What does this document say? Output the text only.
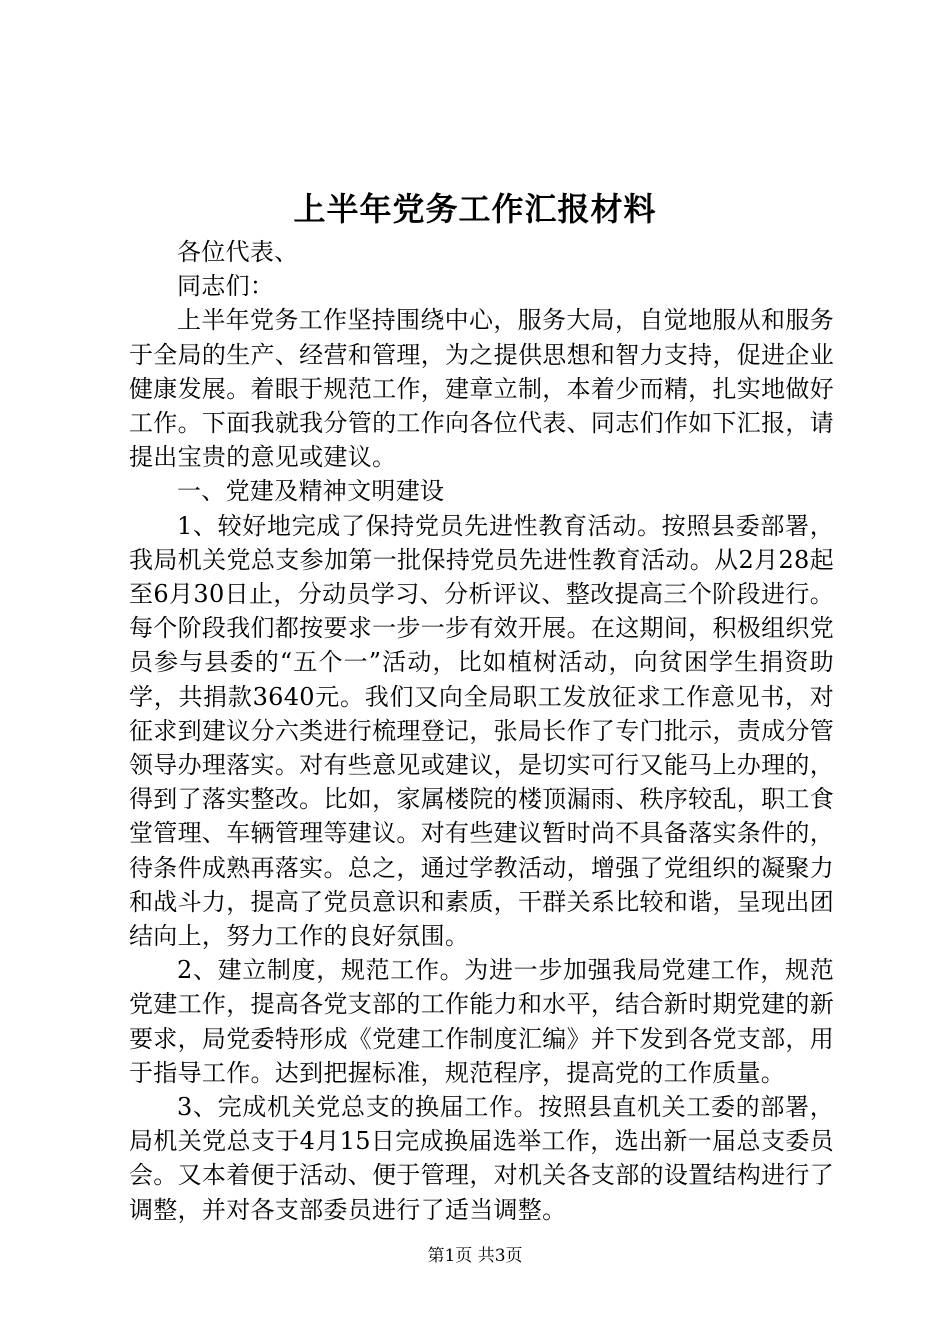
上半年党务工作汇报材料

各位代表、

同志们：

上半年党务工作坚持围绕中心，服务大局，自觉地服从和服务于全局的生产、经营和管理，为之提供思想和智力支持，促进企业健康发展。着眼于规范工作，建章立制，本着少而精，扎实地做好工作。下面我就我分管的工作向各位代表、同志们作如下汇报，请提出宝贵的意见或建议。

一、党建及精神文明建设

1、较好地完成了保持党员先进性教育活动。按照县委部署，我局机关党总支参加第一批保持党员先进性教育活动。从2月28起至6月30日止，分动员学习、分析评议、整改提高三个阶段进行。每个阶段我们都按要求一步一步有效开展。在这期间，积极组织党员参与县委的“五个一”活动，比如植树活动，向贫困学生捐资助学，共捐款3640元。我们又向全局职工发放征求工作意见书，对征求到建议分六类进行梳理登记，张局长作了专门批示，责成分管领导办理落实。对有些意见或建议，是切实可行又能马上办理的，得到了落实整改。比如，家属楼院的楼顶漏雨、秩序较乱，职工食堂管理、车辆管理等建议。对有些建议暂时尚不具备落实条件的，待条件成熟再落实。总之，通过学教活动，增强了党组织的凝聚力和战斗力，提高了党员意识和素质，干群关系比较和谐，呈现出团结向上，努力工作的良好氛围。

2、建立制度，规范工作。为进一步加强我局党建工作，规范党建工作，提高各党支部的工作能力和水平，结合新时期党建的新要求，局党委特形成《党建工作制度汇编》并下发到各党支部，用于指导工作。达到把握标准，规范程序，提高党的工作质量。

3、完成机关党总支的换届工作。按照县直机关工委的部署，局机关党总支于4月15日完成换届选举工作，选出新一届总支委员会。又本着便于活动、便于管理，对机关各支部的设置结构进行了调整，并对各支部委员进行了适当调整。

第1页 共3页
